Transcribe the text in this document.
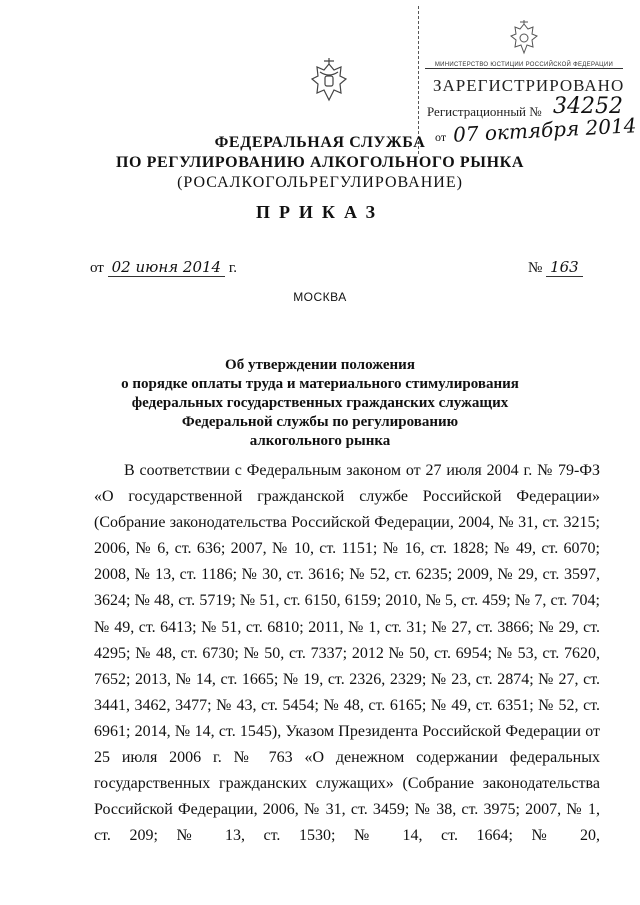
МИНИСТЕРСТВО ЮСТИЦИИ РОССИЙСКОЙ ФЕДЕРАЦИИ
ЗАРЕГИСТРИРОВАНО
Регистрационный № 34252
от 07 октября 2014
ФЕДЕРАЛЬНАЯ СЛУЖБА
ПО РЕГУЛИРОВАНИЮ АЛКОГОЛЬНОГО РЫНКА
(РОСАЛКОГОЛЬРЕГУЛИРОВАНИЕ)
ПРИКАЗ
от 02 июня 2014 г.	№ 163
МОСКВА
Об утверждении положения
о порядке оплаты труда и материального стимулирования
федеральных государственных гражданских служащих
Федеральной службы по регулированию
алкогольного рынка

В соответствии с Федеральным законом от 27 июля 2004 г. № 79-ФЗ «О государственной гражданской службе Российской Федерации» (Собрание законодательства Российской Федерации, 2004, № 31, ст. 3215; 2006, № 6, ст. 636; 2007, № 10, ст. 1151; № 16, ст. 1828; № 49, ст. 6070; 2008, № 13, ст. 1186; № 30, ст. 3616; № 52, ст. 6235; 2009, № 29, ст. 3597, 3624; № 48, ст. 5719; № 51, ст. 6150, 6159; 2010, № 5, ст. 459; № 7, ст. 704; № 49, ст. 6413; № 51, ст. 6810; 2011, № 1, ст. 31; № 27, ст. 3866; № 29, ст. 4295; № 48, ст. 6730; № 50, ст. 7337; 2012 № 50, ст. 6954; № 53, ст. 7620, 7652; 2013, № 14, ст. 1665; № 19, ст. 2326, 2329; № 23, ст. 2874; № 27, ст. 3441, 3462, 3477; № 43, ст. 5454; № 48, ст. 6165; № 49, ст. 6351; № 52, ст. 6961; 2014, № 14, ст. 1545), Указом Президента Российской Федерации от 25 июля 2006 г. № 763 «О денежном содержании федеральных государственных гражданских служащих» (Собрание законодательства Российской Федерации, 2006, № 31, ст. 3459; № 38, ст. 3975; 2007, № 1, ст. 209; № 13, ст. 1530; № 14, ст. 1664; № 20,
